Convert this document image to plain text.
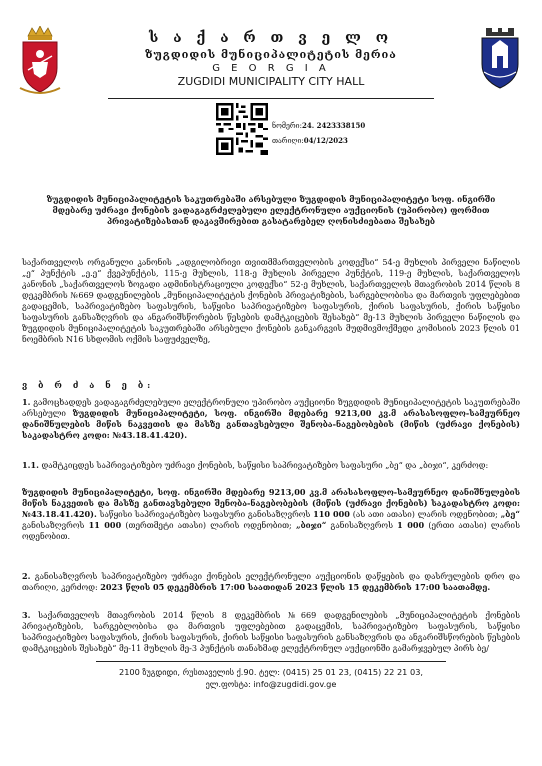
ს ა ქ ა რ თ ვ ე ლ ო
ზუგდიდის მუნიციპალიტეტის მერია
G E O R G I A
ZUGDIDI MUNICIPALITY CITY HALL
ნომერი:24. 2423338150
თარიღი:04/12/2023
ზუგდიდის მუნიციპალიტეტის საკუთრებაში არსებული ზუგდიდის მუნიციპალიტეტი სოფ. ინგირში მდებარე უძრავი ქონების ვადაგაგრძელებული ელექტრონული აუქციონის (უპირობო) ფორმით პრივატიზებასთან დაკავშირებით გასატარებელ ღონისძიებათა შესახებ
საქართველოს ორგანული კანონის „ადგილობრივი თვითმმართველობის კოდექსი“ 54-ე მუხლის პირველი ნაწილის „ე“ პუნქტის „ე.ე“ ქვეპუნქტის, 115-ე მუხლის, 118-ე მუხლის პირველი პუნქტის, 119-ე მუხლის, საქართველოს კანონის „საქართველოს ზოგადი ადმინისტრაციული კოდექსი“ 52-ე მუხლის, საქართველოს მთავრობის 2014 წლის 8 დეკემბრის №669 დადგენილების „მუნიციპალიტეტის ქონების პრივატიზების, სარგებლობისა და მართვის უფლებებით გადაცემის, საპრივატიზებო საფასურის, საწყისი საპრივატიზებო საფასურის, ქირის საფასურის, ქირის საწყისი საფასურის განსაზღვრის და ანგარიშსწორების წესების დამტკიცების შესახებ“ მე-13 მუხლის პირველი ნაწილის და ზუგდიდის მუნიციპალიტეტის საკუთრებაში არსებული ქონების განკარგვის მუდმივმოქმედი კომისიის 2023 წლის 01 ნოემბრის N16 სხდომის ოქმის საფუძველზე,
ვ ბ რ ძ ა ნ ე ბ:
1. გამოცხადდეს ვადაგაგრძელებული ელექტრონული უპირობო აუქციონი ზუგდიდის მუნიციპალიტეტის საკუთრებაში არსებული ზუგდიდის მუნიციპალიტეტი, სოფ. ინგირში მდებარე 9213,00 კვ.მ არასასოფლო-სამეურნეო დანიშნულების მიწის ნაკვეთის და მასზე განთავსებული შენობა-ნაგებობების (მიწის (უძრავი ქონების) საკადასტრო კოდი: №43.18.41.420).
1.1. დამტკიცდეს საპრივატიზებო უძრავი ქონების, საწყისი საპრივატიზებო საფასური „ბე“ და „ბიჯი“, კერძოდ:
ზუგდიდის მუნიციპალიტეტი, სოფ. ინგირში მდებარე 9213,00 კვ.მ არასასოფლო-სამეურნეო დანიშნულების მიწის ნაკვეთის და მასზე განთავსებული შენობა-ნაგებობების (მიწის (უძრავი ქონების) საკადასტრო კოდი: №43.18.41.420). საწყისი საპრივატიზებო საფასური განისაზღვროს 110 000 (ას ათი ათასი) ლარის ოდენობით; „ბე“ განისაზღვროს 11 000 (თერთმეტი ათასი) ლარის ოდენობით; „ბიჯი“ განისაზღვროს 1 000 (ერთი ათასი) ლარის ოდენობით.
2. განისაზღვროს საპრივატიზებო უძრავი ქონების ელექტრონული აუქციონის დაწყების და დასრულების დრო და თარიღი, კერძოდ: 2023 წლის 05 დეკემბრის 17:00 საათიდან 2023 წლის 15 დეკემბრის 17:00 საათამდე.
3. საქართველოს მთავრობის 2014 წლის 8 დეკემბრის №669 დადგენილების „მუნიციპალიტეტის ქონების პრივატიზების, სარგებლობისა და მართვის უფლებებით გადაცემის, საპრივატიზებო საფასურის, საწყისი საპრივატიზებო საფასურის, ქირის საფასურის, ქირის საწყისი საფასურის განსაზღვრის და ანგარიშსწორების წესების დამტკიცების შესახებ“ მე-11 მუხლის მე-3 პუნქტის თანახმად ელექტრონულ აუქციონში გამარჯვებულ პირს ბე/
2100 ზუგდიდი, რუსთაველის ქ.90. ტელ: (0415) 25 01 23, (0415) 22 21 03,
ელ.ფოსტა: info@zugdidi.gov.ge
